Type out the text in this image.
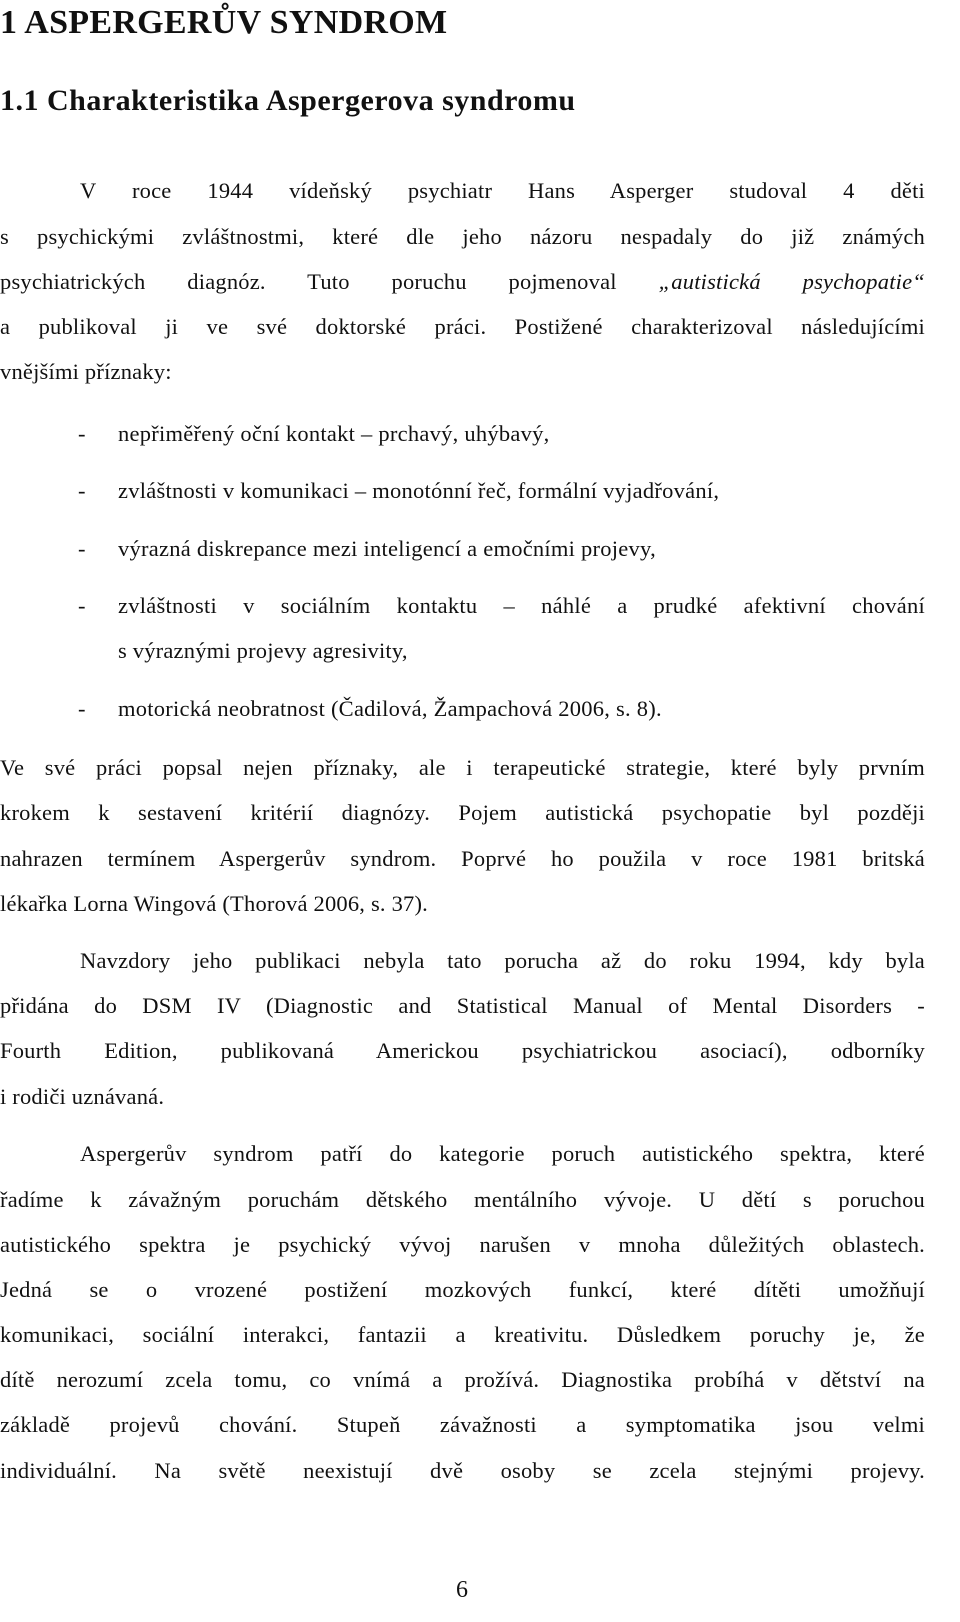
1 ASPERGERŮV SYNDROM
1.1 Charakteristika Aspergerova syndromu
V roce 1944 vídeňský psychiatr Hans Asperger studoval 4 děti
s psychickými zvláštnostmi, které dle jeho názoru nespadaly do již známých
psychiatrických diagnóz. Tuto poruchu pojmenoval „autistická psychopatie“
a publikoval ji ve své doktorské práci. Postižené charakterizoval následujícími
vnějšími příznaky:
-	nepřiměřený oční kontakt – prchavý, uhýbavý,
-	zvláštnosti v komunikaci – monotónní řeč, formální vyjadřování,
-	výrazná diskrepance mezi inteligencí a emočními projevy,
-	zvláštnosti v sociálním kontaktu – náhlé a prudké afektivní chování
s výraznými projevy agresivity,
-	motorická neobratnost (Čadilová, Žampachová 2006, s. 8).
Ve své práci popsal nejen příznaky, ale i terapeutické strategie, které byly prvním
krokem k sestavení kritérií diagnózy. Pojem autistická psychopatie byl později
nahrazen termínem Aspergerův syndrom. Poprvé ho použila v roce 1981 britská
lékařka Lorna Wingová (Thorová 2006, s. 37).
Navzdory jeho publikaci nebyla tato porucha až do roku 1994, kdy byla
přidána do DSM IV (Diagnostic and Statistical Manual of Mental Disorders -
Fourth Edition, publikovaná Americkou psychiatrickou asociací), odborníky
i rodiči uznávaná.
Aspergerův syndrom patří do kategorie poruch autistického spektra, které
řadíme k závažným poruchám dětského mentálního vývoje. U dětí s poruchou
autistického spektra je psychický vývoj narušen v mnoha důležitých oblastech.
Jedná se o vrozené postižení mozkových funkcí, které dítěti umožňují
komunikaci, sociální interakci, fantazii a kreativitu. Důsledkem poruchy je, že
dítě nerozumí zcela tomu, co vnímá a prožívá. Diagnostika probíhá v dětství na
základě projevů chování. Stupeň závažnosti a symptomatika jsou velmi
individuální. Na světě neexistují dvě osoby se zcela stejnými projevy.
6
